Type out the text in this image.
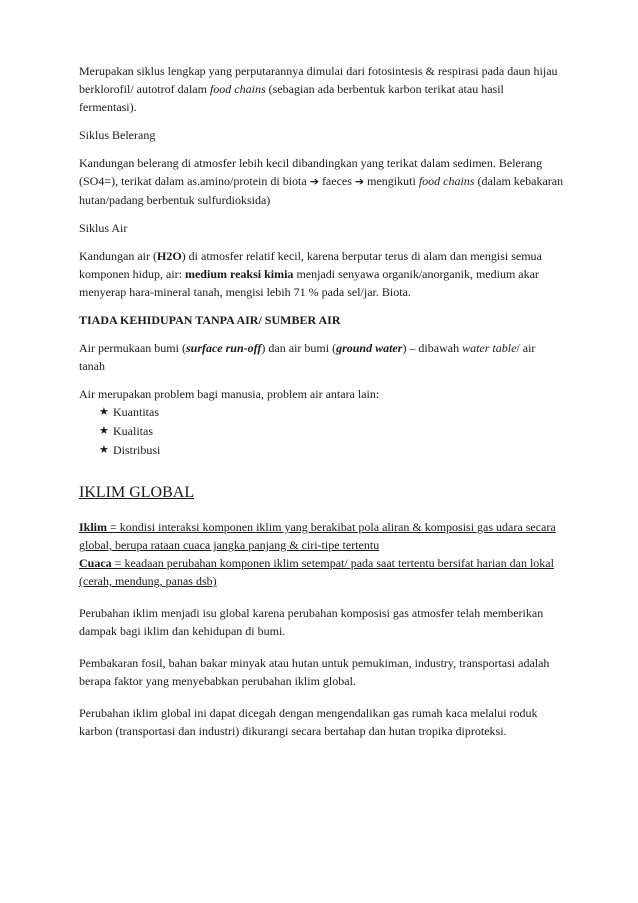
Merupakan siklus lengkap yang perputarannya dimulai dari fotosintesis & respirasi pada daun hijau berklorofil/ autotrof dalam food chains (sebagian ada berbentuk karbon terikat atau hasil fermentasi).

Siklus Belerang

Kandungan belerang di atmosfer lebih kecil dibandingkan yang terikat dalam sedimen. Belerang (SO4=), terikat dalam as.amino/protein di biota ➔ faeces ➔ mengikuti food chains (dalam kebakaran hutan/padang berbentuk sulfurdioksida)

Siklus Air

Kandungan air (H2O) di atmosfer relatif kecil, karena berputar terus di alam dan mengisi semua komponen hidup, air: medium reaksi kimia menjadi senyawa organik/anorganik, medium akar menyerap hara-mineral tanah, mengisi lebih 71 % pada sel/jar. Biota.

TIADA KEHIDUPAN TANPA AIR/ SUMBER AIR

Air permukaan bumi (surface run-off) dan air bumi (ground water) – dibawah water table/ air tanah

Air merupakan problem bagi manusia, problem air antara lain:

★ Kuantitas
★ Kualitas
★ Distribusi

IKLIM GLOBAL

Iklim = kondisi interaksi komponen iklim yang berakibat pola aliran & komposisi gas udara secara global, berupa rataan cuaca jangka panjang & ciri-tipe tertentu

Cuaca = keadaan perubahan komponen iklim setempat/ pada saat tertentu bersifat harian dan lokal (cerah, mendung, panas dsb)

Perubahan iklim menjadi isu global karena perubahan komposisi gas atmosfer telah memberikan dampak bagi iklim dan kehidupan di bumi.

Pembakaran fosil, bahan bakar minyak atau hutan untuk pemukiman, industry, transportasi adalah berapa faktor yang menyebabkan perubahan iklim global.

Perubahan iklim global ini dapat dicegah dengan mengendalikan gas rumah kaca melalui roduk karbon (transportasi dan industri) dikurangi secara bertahap dan hutan tropika diproteksi.
